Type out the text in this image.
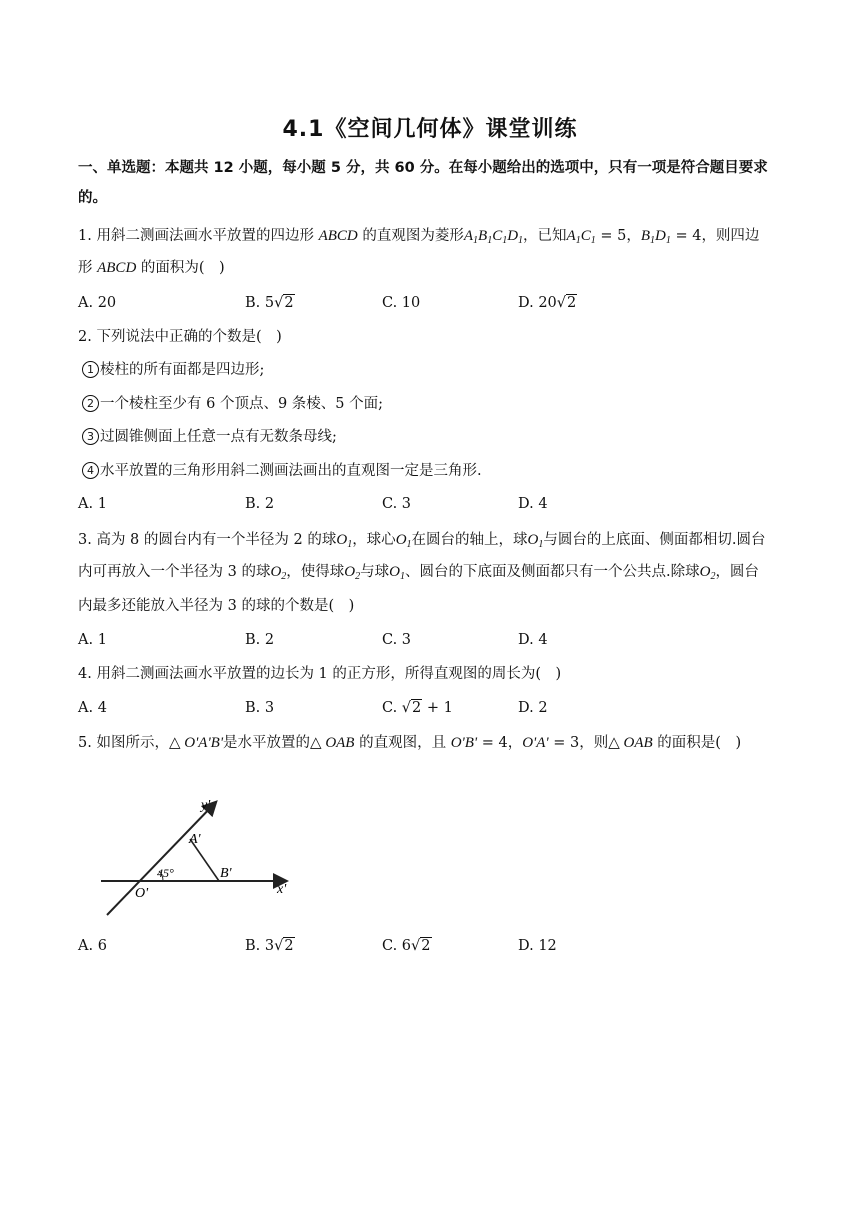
4.1《空间几何体》课堂训练
一、单选题：本题共 12 小题，每小题 5 分，共 60 分。在每小题给出的选项中，只有一项是符合题目要求
的。
1. 用斜二测画法画水平放置的四边形 ABCD 的直观图为菱形$A_1B_1C_1D_1$，已知$A_1C_1 = 5$，$B_1D_1 = 4$，则四边
形 ABCD 的面积为(　)
A. 20	B. 5√2	C. 10	D. 20√2
2. 下列说法中正确的个数是(　)
1 棱柱的所有面都是四边形;
2 一个棱柱至少有 6 个顶点、9 条棱、5 个面;
3 过圆锥侧面上任意一点有无数条母线;
4 水平放置的三角形用斜二测画法画出的直观图一定是三角形.
A. 1	B. 2	C. 3	D. 4
3. 高为 8 的圆台内有一个半径为 2 的球$O_1$，球心$O_1$在圆台的轴上，球$O_1$与圆台的上底面、侧面都相切.圆台
内可再放入一个半径为 3 的球$O_2$，使得球$O_2$与球$O_1$、圆台的下底面及侧面都只有一个公共点.除球$O_2$，圆台
内最多还能放入半径为 3 的球的个数是(　)
A. 1	B. 2	C. 3	D. 4
4. 用斜二测画法画水平放置的边长为 1 的正方形，所得直观图的周长为(　)
A. 4	B. 3	C. √2 + 1	D. 2
5. 如图所示，△ O'A'B'是水平放置的△ OAB 的直观图，且 O'B' = 4，O'A' = 3，则△ OAB 的面积是(　)
y'
x'
A'
B'
O'
45°
A. 6	B. 3√2	C. 6√2	D. 12
